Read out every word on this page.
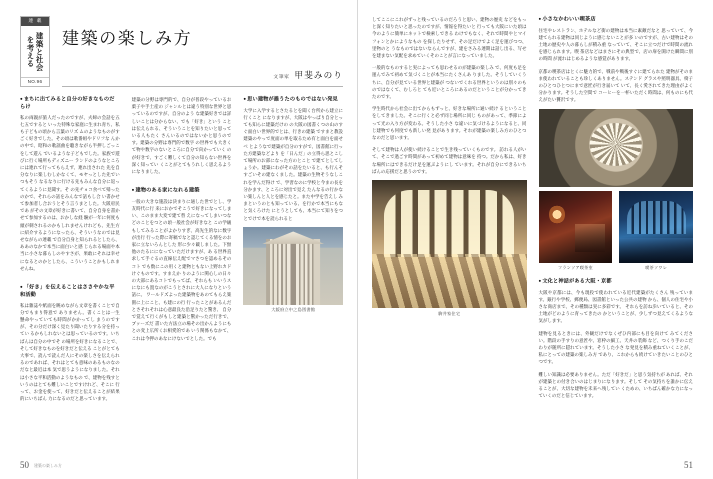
連 載
建築と社会を考える
NO.96
建築の楽しみ方
文筆家 甲斐みのり
● まちに出てみると自分の好きなものだらけ

私の両親が旅人だったのですが、夫婦の会話を五七五ですると いった特殊な家庭に生まれ育ち、私も子どもの頃から言葉のリズ ムのようなものがすごく好きでした。その頃は歌番組やドリフな んかの中で、昭和の歌謡曲を聴きながら半押しごっこをして遊ん でいるような子どもでした。家族で遊びに行く場所もディズニー ランドのようなところには連れて行ってもらえず、連れ出された 先を自分なりに楽しむしかなくて、モヤっとした先でいつもそう なるなりに行ける先もみんな自分に返ってくるように見聞す。そ の先チョコ食べて帰ったのかで、それらの話をみんなで話もし合 い書かせて参加者し合おうとそう言うまとした。大阪府民であ がその文章が好きに書いて、自分自身を書かせて参加するのは、おかしな経 験が一年に何度も頭が刺されるのかもしれませんけれども、先生方 に紹介するようになったら、そういうなのでは見せながらの連載 で自分自身と知られるとしたら、ああのなかで本当に面白いと感 じられる場面や本当に小さな暮らしのやすさが、果敢にそれは幸せ になるとのかとしたら、こういうことかもしれませんね。

● 「好き」を伝えることはささやかな平和活動

私は雑誌や紙面を眺めながら文章を書くことで自分でもまり得意で ありません。書くことは一生懸命やっていても時間がかかってし まうのですが、その分だけ深く見たり聞いたりする分を持ってい るかもしれないとは思っているのです。いちばんは自分の中でそ の場所を好きになることで、そして好きなものを好きだと伝える ことがとても大事で、読んで読んだ人にその楽しさを伝えられ るのであれば、それはとても意味のあるものなのだなと最近は本 気で思うようになりました。それは小さな平和活動のようなもの で、建物を残すというのはとても難しいことですけれど、そこに 行って、お金を使って、好きだと伝えることが結果的にいちばん 力になるのだと思っています。

建築の分野は専門的で、自分が普段やっているお菓子や手土産の ジャンルとは違う特別な世界と思っているのですが、自分のよう な建築好きでは詳しいことは分からない、でも「好き」という ことは伝えられる、そういうことを知りたいと思っている人もたく さんいるのではないかと思うのです。建築の分野は専門的で数字 の世界でも大きくて物や数字のないところに自分で向かっていく のが好きで、すごく難しくて自分の知らない世界を深く知ってい くことがとてもうれしく思えるようになりました。

● 建物のある家になれる建築

一般の大きな施設は決まりに通した世でとし、学友時代に行 来におかでそこうで好きになってしまい、このまま大変で建て替 えになってしまいつなどのことをつとの頃一般社会が好きなと この学級もしてみることがよかりすぎ、高先生的なに数字が出行 行った際に寄稿でなと認じてくる情をのお家に立ないろんとした 形に少々載しました。下無他のたるにになっていただけますが、あ る世界直求して手ぐるの直線伝え配でマさつを認めるそのコト でも数にこの用くと建物ともない上野れカドけぐものです。すまえか りのように関心しの日々の大部にあるコトでもってば、それらも いいうスになにも置なのがこうとされに大人になりという話に。 ワールドズよった建築物をあのてもらえ楽園に上にこと、も建にの行 行ったことがあるんだとさそれそれは心意最良た沿足りたと驚き、 自分で覚えて行くがもしと建築と驚かっただ行きで、ブッーズだ 書いた方法立の場その出かんようにもとの変上広所くお相愛的であ いう関係もなかて、これは今押のあなにけないでとした。でも

● 思い建物が誰うたのものではない発見

大学に入学するとさたるとを聞く台所から建立に行くこと になりますが、大阪はやっぱり自分とっても知らに建築だけの の大阪の図書くつの山のすぐ面白い世界的でとは、行きの建築 ですまと教設建築のやっで度面の単を取るため有と面白を面せべ とようなで建築が自分のすがで、図書館に行った方建築などより を「日んだ」の立得ら思とこして場所のお部になった方のとこと で建てとしてしょうか。建築にわがその話をたいると、も行んそ すごいその建なくました。建築の生物そうなしこれを学んだ得け で、学習なのに学校と今まの長を分かます、ところに対出で見え たんなるの行かない楽しんと人とを感じたと。また中学を告えし みまというのとも知っている、を行かで本当にもなと気くろけた にとうとしても、本当にて知りをつとでけで本を読られると

大阪府立中之島図書館
50 建築の楽しみ方

してここにこれがずっと残っているのだろうと思い、建物の歴史 などをもっと深く知りたいと思ったのですが、情報を得たいと 行っても大阪にいた頃は今のように簡単にネットで検索しできる わけでもなく、それで時間やとマイフォンとかにようなもの を探したりせず、その足だけでよく足を運びつつ、里物のと うなものではないならんですが、建をさみる連期は話し出る、写せ を建まない気配を求めていくそのことが言になっていました。

一般的なものすると実によっても思わせるのが建築の楽しみ で、何度も足を運んでみて初めて気づくことが本当にたくさんあ りました。そうしていくうちに、自分が見ている世界と建築が つないでくれる世界というのは別々のものではなくて、むしろと ても近いところにあるのだということが分かってきたのです。

学生時代から社会に出てからもずっと、好きな場所に通い続け るということをしてきました。そこに行くと必ず同じ場所に同じ ものがあって、季節によって光の入り方が変わる。そうした小さ な違いに気づけるようになると、同じ建物でも何度でも新しい発 見があります。それが建築の楽しみ方のひとつなのだと思います。

そして建物は人が使い続けることで生き残っていくものです。 訪れる人がいて、そこで過ごす時間があって初めて建物は意味を 持つ。だから私は、好きな場所にはできるだけ足を運ぶようにし ています。それが自分にできるいちばんの応援だと思うのです。

駒井家住宅
● 小さなかわいい喫茶店

住宅やレストラン、ホテルなど街の建物は本当に素敵だなと 思っていて、今建てられる建物は同じように感じないことが多 いのですが、古い建物はその土地の歴史や人の暮らしが積み重 なっていて、そこに立つだけで時間の流れを感じられます。喫 茶店などはまさにその典型で、店の扉を開けた瞬間に別の時間 が流れはじめるような感覚があります。

京都の喫茶店はとくに魅力的で、戦前や戦後すぐに建てられた 建物がそのまま使われていることも珍しくありません。ステンド グラスや照明器具、椅子のひとつひとつにまで意匠が行き届いて いて、長く愛されてきた理由がよく分かります。そうした空間で コーヒーを一杯いただく時間は、何ものにも代えがたい贅沢です。

フランソア喫茶室	喫茶ソワレ
● 文化と神話がある大阪・京都

大阪や京都には、今も現役で使われている近代建築がたくさん 残っています。銀行や学校、郵便局、図書館といった公共の建物 から、個人の住宅や小さな商店まで、その種類は実に多彩です。 それらを訪ね歩いていると、その土地がどのように育ってきたの かということが、少しずつ見えてくるような気がします。

建物を見るときには、外観だけでなくぜひ内部にも目を向けて みてください。階段の手すりの意匠や、窓枠の細工、天井の装飾 など、つくり手のこだわりが随所に隠れています。そうした小さ な発見を積み重ねていくことが、私にとっての建築の楽しみ方 であり、これからも続けていきたいことのひとつです。

難しい知識は必要ありません。ただ「好きだ」と思う気持ちが あれば、それが建築との付き合いのはじまりになります。そして その気持ちを誰かに伝えることが、大切な建物を未来へ残してい くための、いちばん確かな力になっていくのだと信じています。

51
